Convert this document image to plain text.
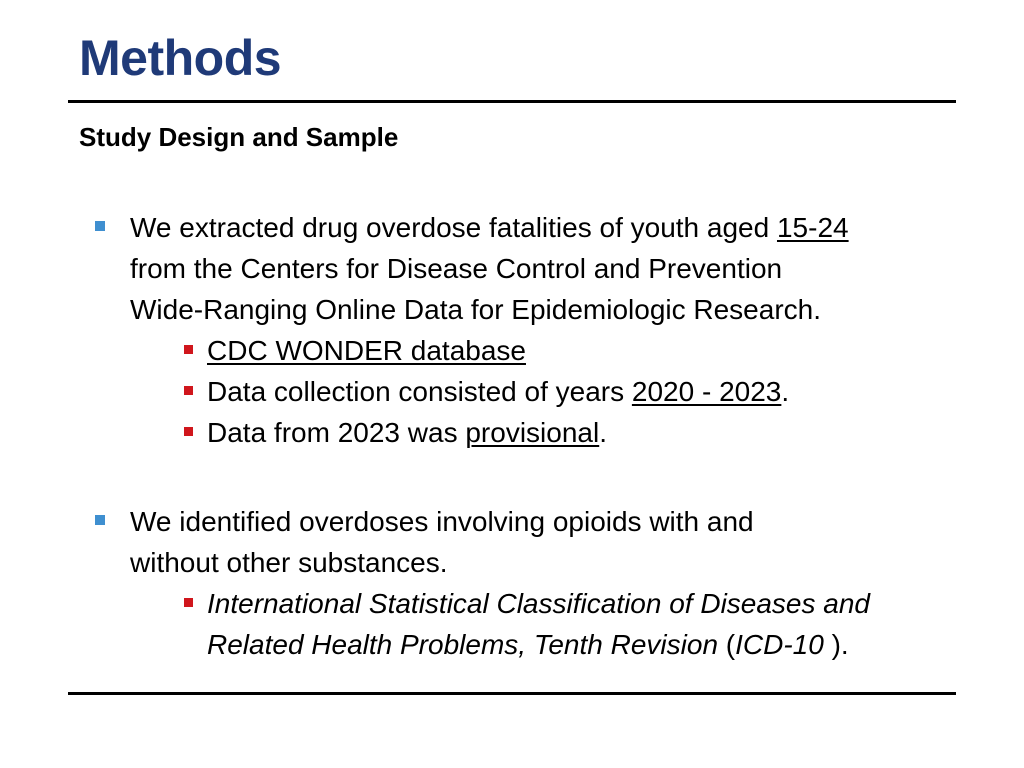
Methods
Study Design and Sample
We extracted drug overdose fatalities of youth aged 15-24
from the Centers for Disease Control and Prevention
Wide-Ranging Online Data for Epidemiologic Research.
CDC WONDER database
Data collection consisted of years 2020 - 2023.
Data from 2023 was provisional.
We identified overdoses involving opioids with and
without other substances.
International Statistical Classification of Diseases and Related Health Problems, Tenth Revision (ICD-10 ).
